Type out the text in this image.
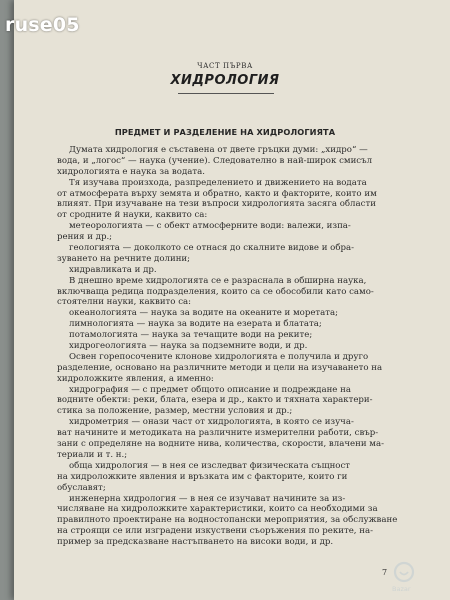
ruse05
ЧАСТ ПЪРВА
ХИДРОЛОГИЯ
ПРЕДМЕТ И РАЗДЕЛЕНИЕ НА ХИДРОЛОГИЯТА
Думата хидрология е съставена от двете гръцки думи: „хидро“ —
вода, и „логос“ — наука (учение). Следователно в най-широк смисъл
хидрологията е наука за водата.
Тя изучава произхода, разпределението и движението на водата
от атмосферата върху земята и обратно, както и факторите, които им
влияят. При изучаване на тези въпроси хидрологията засяга области
от сродните й науки, каквито са:
метеорологията — с обект атмосферните води: валежи, изпа-
рения и др.;
геологията — доколкото се отнася до скалните видове и обра-
зуването на речните долини;
хидравликата и др.
В днешно време хидрологията се е разраснала в обширна наука,
включваща редица подразделения, които са се обособили като само-
стоятелни науки, каквито са:
океанологията — наука за водите на океаните и моретата;
лимнологията — наука за водите на езерата и блатата;
потамологията — наука за течащите води на реките;
хидрогеологията — наука за подземните води, и др.
Освен горепосочените клонове хидрологията е получила и друго
разделение, основано на различните методи и цели на изучаването на
хидроложките явления, а именно:
хидрография — с предмет общото описание и подреждане на
водните обекти: реки, блата, езера и др., както и тяхната характери-
стика за положение, размер, местни условия и др.;
хидрометрия — онази част от хидрологията, в която се изуча-
ват начините и методиката на различните измерителни работи, свър-
зани с определяне на водните нива, количества, скорости, влачени ма-
териали и т. н.;
обща хидрология — в нея се изследват физическата същност
на хидроложките явления и връзката им с факторите, които ги
обуславят;
инженерна хидрология — в нея се изучават начините за из-
числяване на хидроложките характеристики, които са необходими за
правилното проектиране на водностопански мероприятия, за обслужване
на строящи се или изградени изкуствени съоръжения по реките, на-
пример за предсказване настъпването на високи води, и др.
7
Bazar
